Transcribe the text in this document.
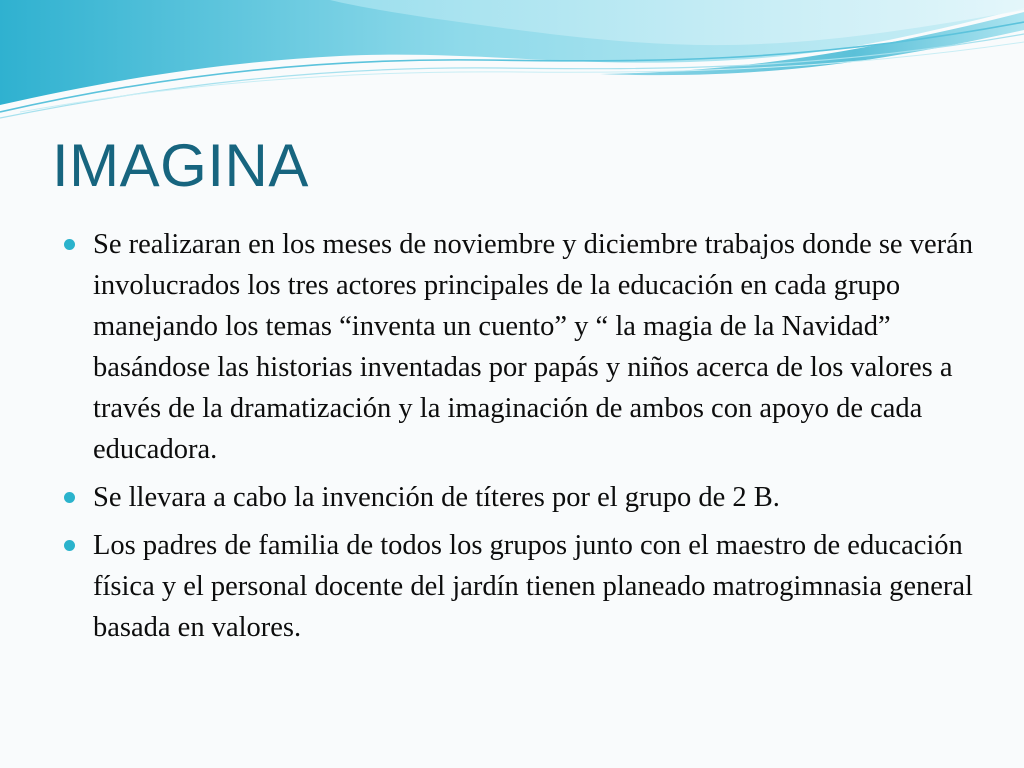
IMAGINA
Se realizaran en los meses de noviembre y diciembre trabajos donde se verán involucrados los tres actores principales de la educación en cada grupo manejando los temas “inventa un cuento” y “ la magia de la Navidad” basándose las historias inventadas por papás y niños acerca de los valores a través de la dramatización y la imaginación de ambos con apoyo de cada educadora.
Se llevara a cabo la invención de títeres por el grupo de 2 B.
Los padres de familia de todos los grupos junto con el maestro de educación física y el personal docente del jardín tienen planeado matrogimnasia general basada en valores.
